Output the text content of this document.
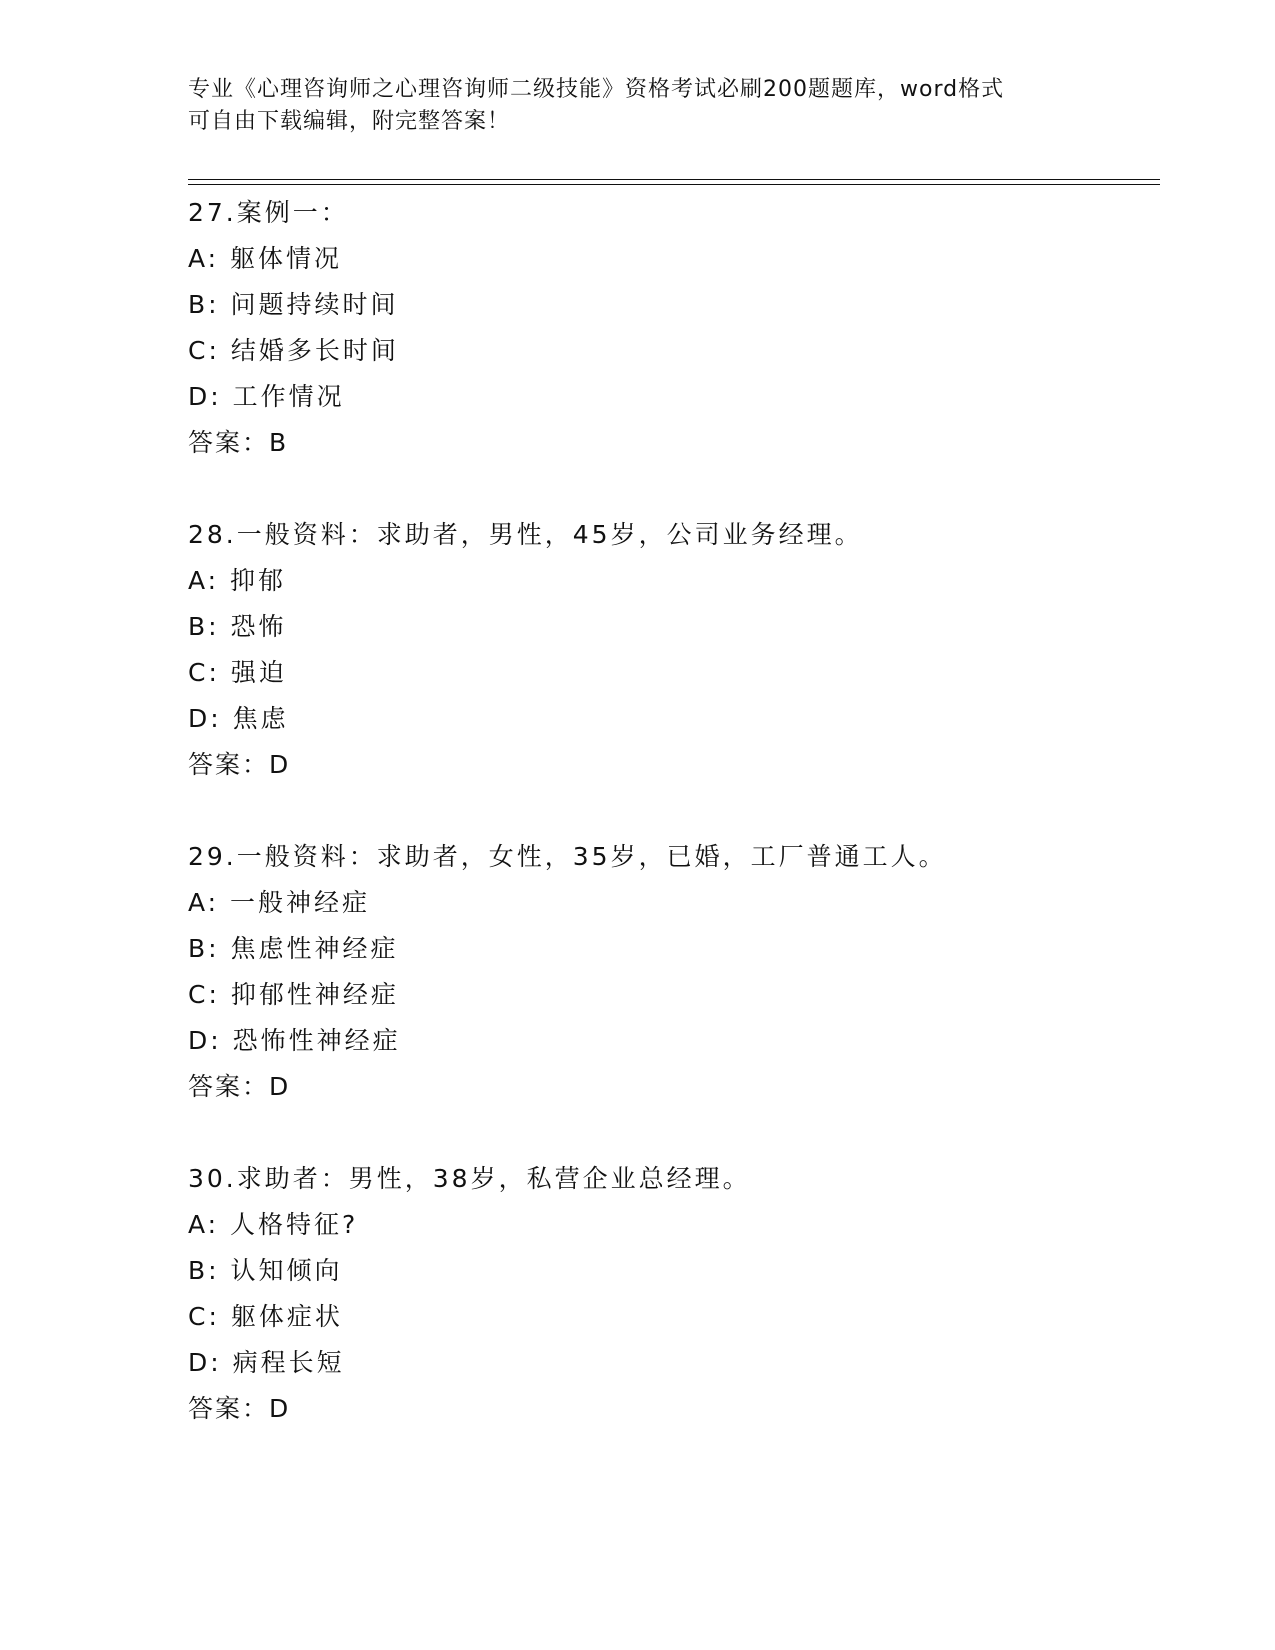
专业《心理咨询师之心理咨询师二级技能》资格考试必刷200题题库，word格式
可自由下载编辑，附完整答案！
27.案例一：
A: 躯体情况
B: 问题持续时间
C: 结婚多长时间
D: 工作情况
答案：B
28.一般资料：求助者，男性，45岁，公司业务经理。
A: 抑郁
B: 恐怖
C: 强迫
D: 焦虑
答案：D
29.一般资料：求助者，女性，35岁，已婚，工厂普通工人。
A: 一般神经症
B: 焦虑性神经症
C: 抑郁性神经症
D: 恐怖性神经症
答案：D
30.求助者：男性，38岁，私营企业总经理。
A: 人格特征?
B: 认知倾向
C: 躯体症状
D: 病程长短
答案：D
